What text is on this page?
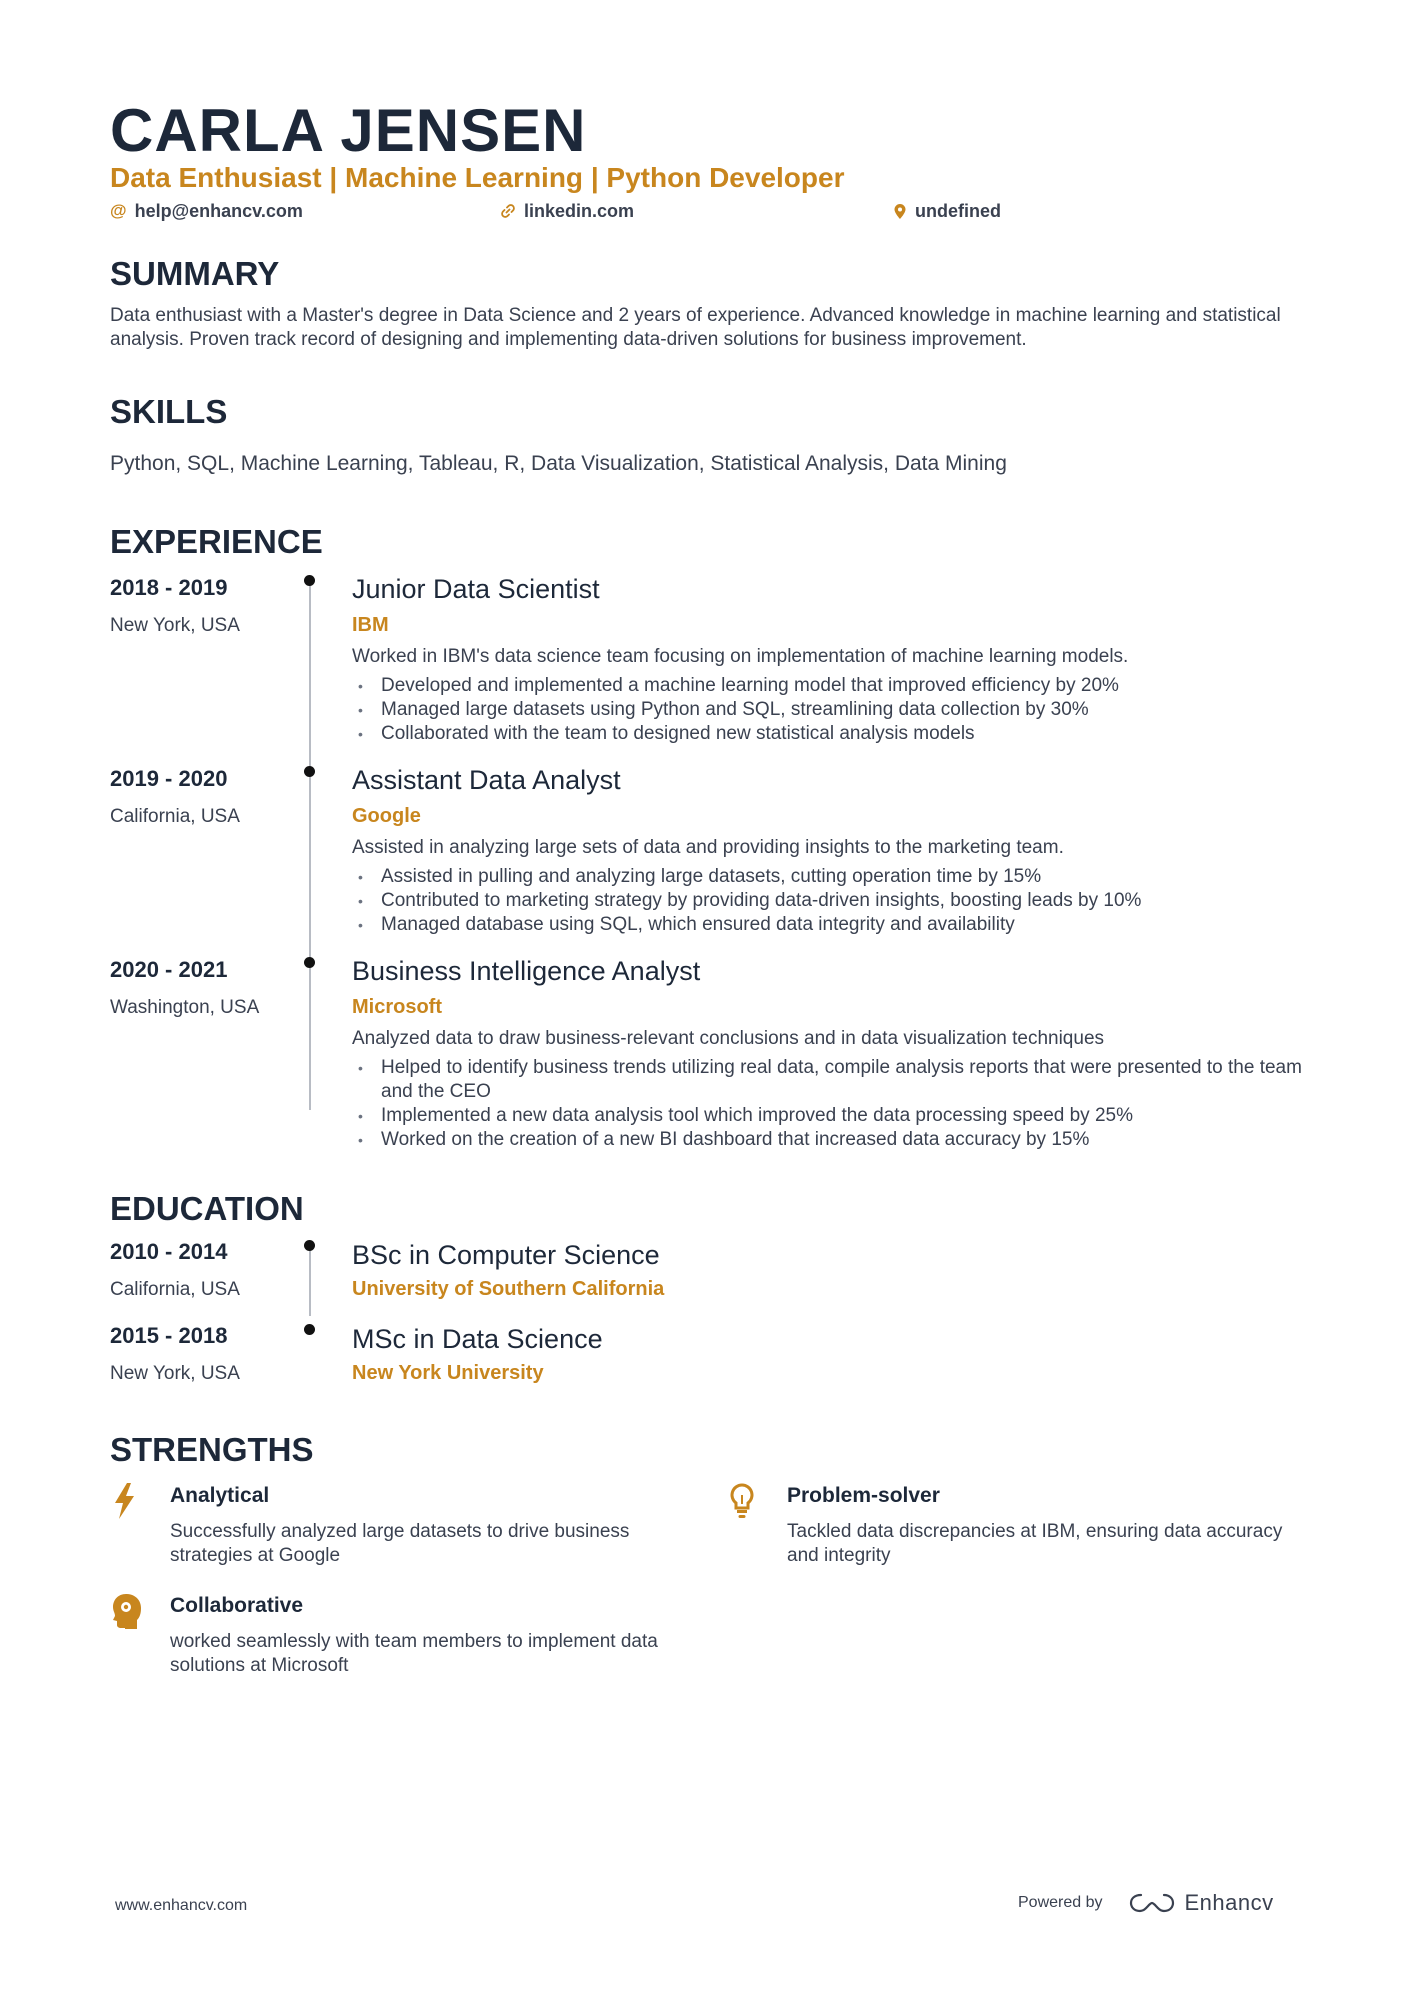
CARLA JENSEN
Data Enthusiast | Machine Learning | Python Developer
@ help@enhancv.com	linkedin.com	undefined
SUMMARY
Data enthusiast with a Master's degree in Data Science and 2 years of experience. Advanced knowledge in machine learning and statistical analysis. Proven track record of designing and implementing data-driven solutions for business improvement.
SKILLS
Python, SQL, Machine Learning, Tableau, R, Data Visualization, Statistical Analysis, Data Mining
EXPERIENCE
2018 - 2019
New York, USA
Junior Data Scientist
IBM
Worked in IBM's data science team focusing on implementation of machine learning models.
• Developed and implemented a machine learning model that improved efficiency by 20%
• Managed large datasets using Python and SQL, streamlining data collection by 30%
• Collaborated with the team to designed new statistical analysis models
2019 - 2020
California, USA
Assistant Data Analyst
Google
Assisted in analyzing large sets of data and providing insights to the marketing team.
• Assisted in pulling and analyzing large datasets, cutting operation time by 15%
• Contributed to marketing strategy by providing data-driven insights, boosting leads by 10%
• Managed database using SQL, which ensured data integrity and availability
2020 - 2021
Washington, USA
Business Intelligence Analyst
Microsoft
Analyzed data to draw business-relevant conclusions and in data visualization techniques
• Helped to identify business trends utilizing real data, compile analysis reports that were presented to the team and the CEO
• Implemented a new data analysis tool which improved the data processing speed by 25%
• Worked on the creation of a new BI dashboard that increased data accuracy by 15%
EDUCATION
2010 - 2014
California, USA
BSc in Computer Science
University of Southern California
2015 - 2018
New York, USA
MSc in Data Science
New York University
STRENGTHS
Analytical
Successfully analyzed large datasets to drive business strategies at Google
Problem-solver
Tackled data discrepancies at IBM, ensuring data accuracy and integrity
Collaborative
worked seamlessly with team members to implement data solutions at Microsoft
www.enhancv.com	Powered by	Enhancv
